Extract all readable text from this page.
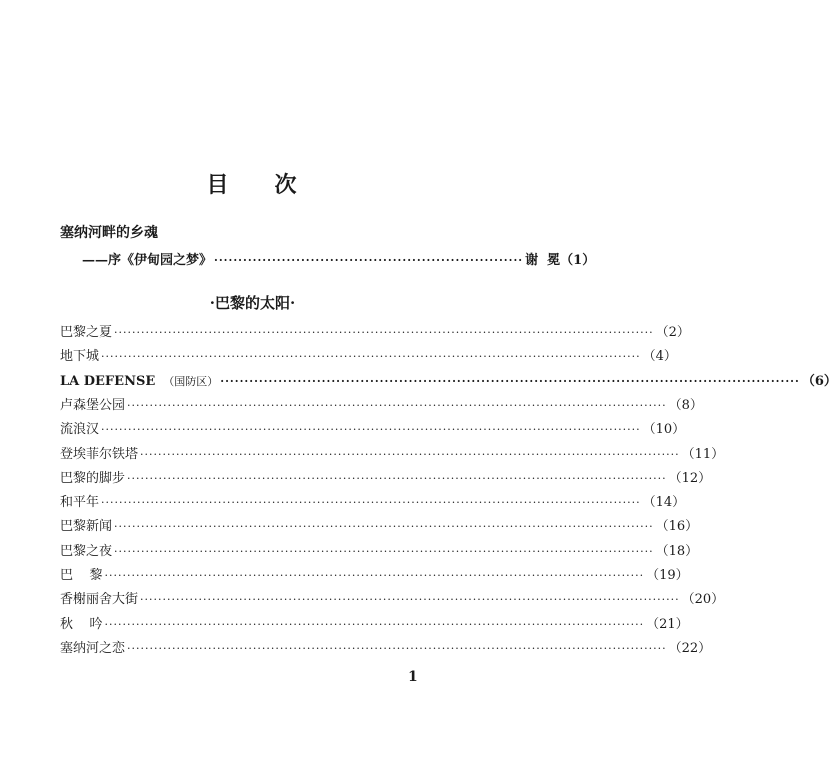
目 次
塞纳河畔的乡魂
——序《伊甸园之梦》 ································································ 谢  冕 （1）
·巴黎的太阳·
巴黎之夏 ························································································································ （2）
地下城 ························································································································ （4）
LA DEFENSE （国防区） ························································································································ （6）
卢森堡公园 ························································································································ （8）
流浪汉 ························································································································ （10）
登埃菲尔铁塔 ························································································································ （11）
巴黎的脚步 ························································································································ （12）
和平年 ························································································································ （14）
巴黎新闻 ························································································································ （16）
巴黎之夜 ························································································································ （18）
巴    黎 ························································································································ （19）
香榭丽舍大街 ························································································································ （20）
秋    吟 ························································································································ （21）
塞纳河之恋 ························································································································ （22）
1
